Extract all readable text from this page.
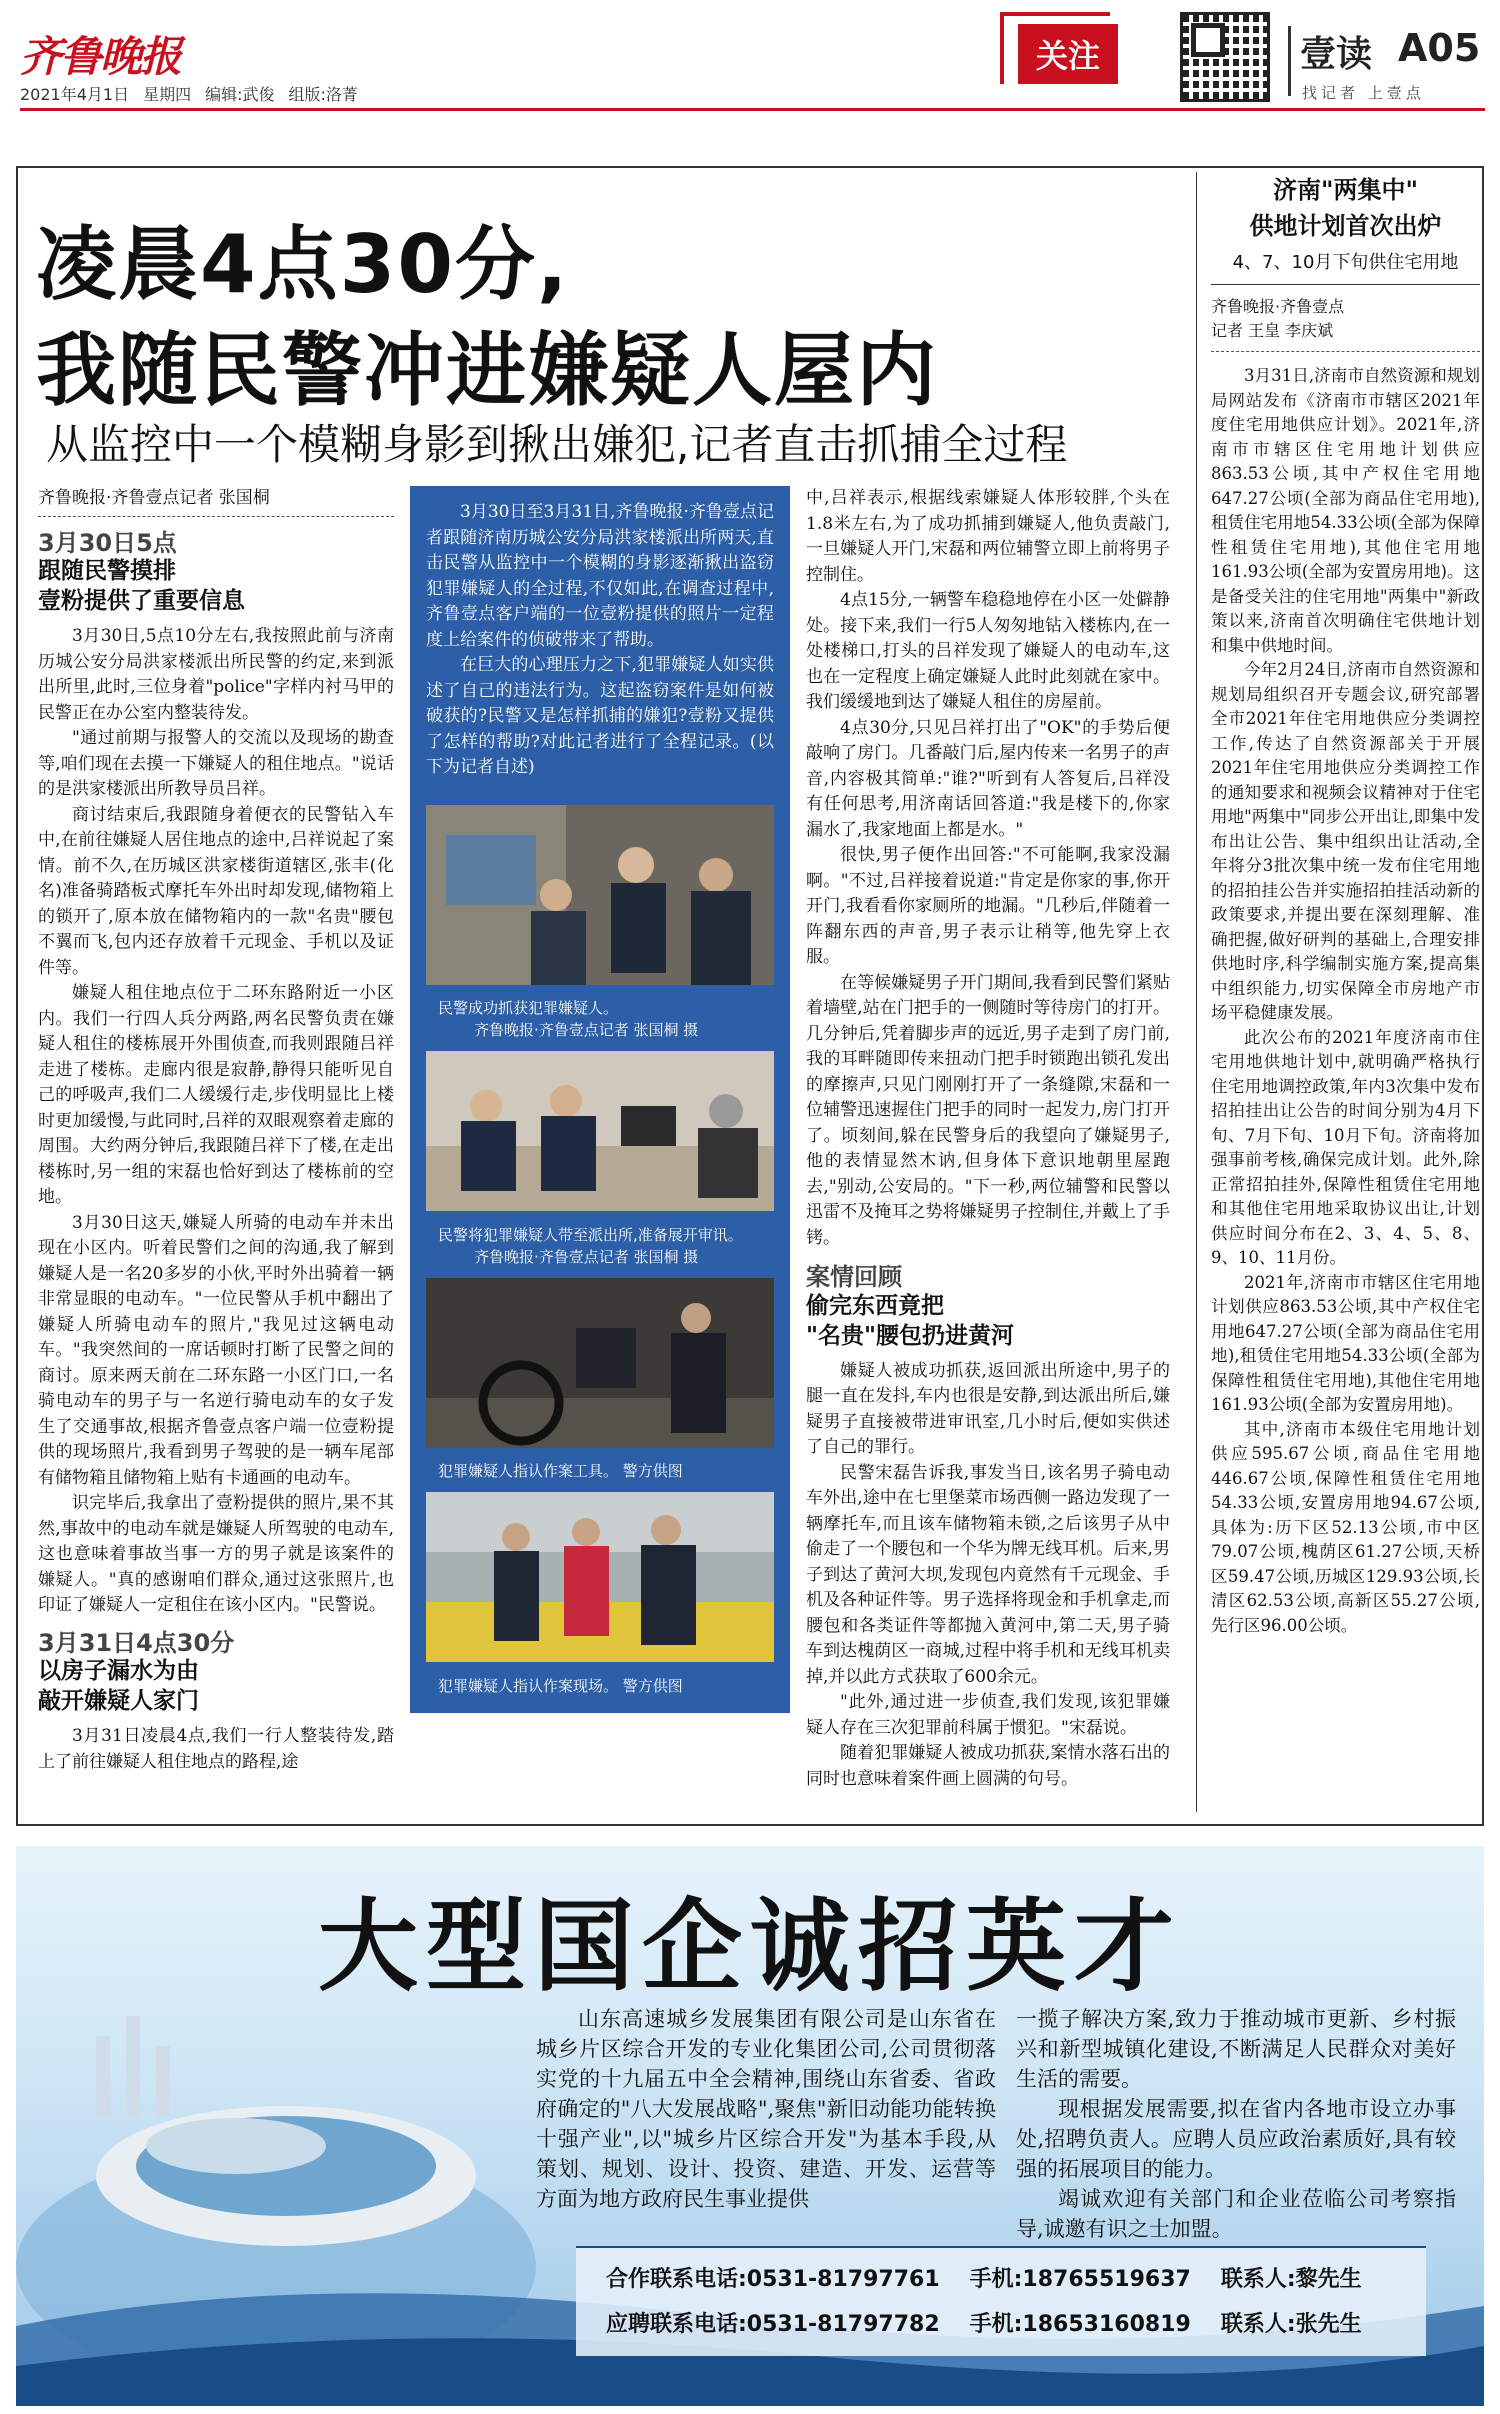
齐鲁晚报
2021年4月1日 星期四 编辑:武俊 组版:洛菁
关注	壹读 A05
找记者 上壹点
凌晨4点30分,
我随民警冲进嫌疑人屋内
从监控中一个模糊身影到揪出嫌犯,记者直击抓捕全过程
齐鲁晚报·齐鲁壹点记者 张国桐
3月30日5点
跟随民警摸排
壹粉提供了重要信息

3月30日,5点10分左右,我按照此前与济南历城公安分局洪家楼派出所民警的约定,来到派出所里,此时,三位身着"police"字样内衬马甲的民警正在办公室内整装待发。

"通过前期与报警人的交流以及现场的勘查等,咱们现在去摸一下嫌疑人的租住地点。"说话的是洪家楼派出所教导员吕祥。

商讨结束后,我跟随身着便衣的民警钻入车中,在前往嫌疑人居住地点的途中,吕祥说起了案情。前不久,在历城区洪家楼街道辖区,张丰(化名)准备骑踏板式摩托车外出时却发现,储物箱上的锁开了,原本放在储物箱内的一款"名贵"腰包不翼而飞,包内还存放着千元现金、手机以及证件等。

嫌疑人租住地点位于二环东路附近一小区内。我们一行四人兵分两路,两名民警负责在嫌疑人租住的楼栋展开外围侦查,而我则跟随吕祥走进了楼栋。走廊内很是寂静,静得只能听见自己的呼吸声,我们二人缓缓行走,步伐明显比上楼时更加缓慢,与此同时,吕祥的双眼观察着走廊的周围。大约两分钟后,我跟随吕祥下了楼,在走出楼栋时,另一组的宋磊也恰好到达了楼栋前的空地。

3月30日这天,嫌疑人所骑的电动车并未出现在小区内。听着民警们之间的沟通,我了解到嫌疑人是一名20多岁的小伙,平时外出骑着一辆非常显眼的电动车。"一位民警从手机中翻出了嫌疑人所骑电动车的照片,"我见过这辆电动车。"我突然间的一席话顿时打断了民警之间的商讨。原来两天前在二环东路一小区门口,一名骑电动车的男子与一名逆行骑电动车的女子发生了交通事故,根据齐鲁壹点客户端一位壹粉提供的现场照片,我看到男子驾驶的是一辆车尾部有储物箱且储物箱上贴有卡通画的电动车。

识完毕后,我拿出了壹粉提供的照片,果不其然,事故中的电动车就是嫌疑人所驾驶的电动车,这也意味着事故当事一方的男子就是该案件的嫌疑人。"真的感谢咱们群众,通过这张照片,也印证了嫌疑人一定租住在该小区内。"民警说。

3月31日4点30分
以房子漏水为由
敲开嫌疑人家门

3月31日凌晨4点,我们一行人整装待发,踏上了前往嫌疑人租住地点的路程,途

3月30日至3月31日,齐鲁晚报·齐鲁壹点记者跟随济南历城公安分局洪家楼派出所两天,直击民警从监控中一个模糊的身影逐渐揪出盗窃犯罪嫌疑人的全过程,不仅如此,在调查过程中,齐鲁壹点客户端的一位壹粉提供的照片一定程度上给案件的侦破带来了帮助。

在巨大的心理压力之下,犯罪嫌疑人如实供述了自己的违法行为。这起盗窃案件是如何被破获的?民警又是怎样抓捕的嫌犯?壹粉又提供了怎样的帮助?对此记者进行了全程记录。(以下为记者自述)

民警成功抓获犯罪嫌疑人。
齐鲁晚报·齐鲁壹点记者 张国桐 摄
民警将犯罪嫌疑人带至派出所,准备展开审讯。
齐鲁晚报·齐鲁壹点记者 张国桐 摄
犯罪嫌疑人指认作案工具。 警方供图
犯罪嫌疑人指认作案现场。 警方供图

中,吕祥表示,根据线索嫌疑人体形较胖,个头在1.8米左右,为了成功抓捕到嫌疑人,他负责敲门,一旦嫌疑人开门,宋磊和两位辅警立即上前将男子控制住。

4点15分,一辆警车稳稳地停在小区一处僻静处。接下来,我们一行5人匆匆地钻入楼栋内,在一处楼梯口,打头的吕祥发现了嫌疑人的电动车,这也在一定程度上确定嫌疑人此时此刻就在家中。我们缓缓地到达了嫌疑人租住的房屋前。

4点30分,只见吕祥打出了"OK"的手势后便敲响了房门。几番敲门后,屋内传来一名男子的声音,内容极其简单:"谁?"听到有人答复后,吕祥没有任何思考,用济南话回答道:"我是楼下的,你家漏水了,我家地面上都是水。"

很快,男子便作出回答:"不可能啊,我家没漏啊。"不过,吕祥接着说道:"肯定是你家的事,你开开门,我看看你家厕所的地漏。"几秒后,伴随着一阵翻东西的声音,男子表示让稍等,他先穿上衣服。

在等候嫌疑男子开门期间,我看到民警们紧贴着墙壁,站在门把手的一侧随时等待房门的打开。几分钟后,凭着脚步声的远近,男子走到了房门前,我的耳畔随即传来扭动门把手时锁跑出锁孔发出的摩擦声,只见门刚刚打开了一条缝隙,宋磊和一位辅警迅速握住门把手的同时一起发力,房门打开了。顷刻间,躲在民警身后的我望向了嫌疑男子,他的表情显然木讷,但身体下意识地朝里屋跑去,"别动,公安局的。"下一秒,两位辅警和民警以迅雷不及掩耳之势将嫌疑男子控制住,并戴上了手铐。

案情回顾
偷完东西竟把
"名贵"腰包扔进黄河

嫌疑人被成功抓获,返回派出所途中,男子的腿一直在发抖,车内也很是安静,到达派出所后,嫌疑男子直接被带进审讯室,几小时后,便如实供述了自己的罪行。

民警宋磊告诉我,事发当日,该名男子骑电动车外出,途中在七里堡菜市场西侧一路边发现了一辆摩托车,而且该车储物箱未锁,之后该男子从中偷走了一个腰包和一个华为牌无线耳机。后来,男子到达了黄河大坝,发现包内竟然有千元现金、手机及各种证件等。男子选择将现金和手机拿走,而腰包和各类证件等都抛入黄河中,第二天,男子骑车到达槐荫区一商城,过程中将手机和无线耳机卖掉,并以此方式获取了600余元。

"此外,通过进一步侦查,我们发现,该犯罪嫌疑人存在三次犯罪前科属于惯犯。"宋磊说。

随着犯罪嫌疑人被成功抓获,案情水落石出的同时也意味着案件画上圆满的句号。

济南"两集中"
供地计划首次出炉
4、7、10月下旬供住宅用地
齐鲁晚报·齐鲁壹点
记者 王皇 李庆斌

3月31日,济南市自然资源和规划局网站发布《济南市市辖区2021年度住宅用地供应计划》。2021年,济南市市辖区住宅用地计划供应863.53公顷,其中产权住宅用地647.27公顷(全部为商品住宅用地),租赁住宅用地54.33公顷(全部为保障性租赁住宅用地),其他住宅用地161.93公顷(全部为安置房用地)。这是备受关注的住宅用地"两集中"新政策以来,济南首次明确住宅供地计划和集中供地时间。

今年2月24日,济南市自然资源和规划局组织召开专题会议,研究部署全市2021年住宅用地供应分类调控工作,传达了自然资源部关于开展2021年住宅用地供应分类调控工作的通知要求和视频会议精神对于住宅用地"两集中"同步公开出让,即集中发布出让公告、集中组织出让活动,全年将分3批次集中统一发布住宅用地的招拍挂公告并实施招拍挂活动新的政策要求,并提出要在深刻理解、准确把握,做好研判的基础上,合理安排供地时序,科学编制实施方案,提高集中组织能力,切实保障全市房地产市场平稳健康发展。

此次公布的2021年度济南市住宅用地供地计划中,就明确严格执行住宅用地调控政策,年内3次集中发布招拍挂出让公告的时间分别为4月下旬、7月下旬、10月下旬。济南将加强事前考核,确保完成计划。此外,除正常招拍挂外,保障性租赁住宅用地和其他住宅用地采取协议出让,计划供应时间分布在2、3、4、5、8、9、10、11月份。

2021年,济南市市辖区住宅用地计划供应863.53公顷,其中产权住宅用地647.27公顷(全部为商品住宅用地),租赁住宅用地54.33公顷(全部为保障性租赁住宅用地),其他住宅用地161.93公顷(全部为安置房用地)。

其中,济南市本级住宅用地计划供应595.67公顷,商品住宅用地446.67公顷,保障性租赁住宅用地54.33公顷,安置房用地94.67公顷,具体为:历下区52.13公顷,市中区79.07公顷,槐荫区61.27公顷,天桥区59.47公顷,历城区129.93公顷,长清区62.53公顷,高新区55.27公顷,先行区96.00公顷。

大型国企诚招英才

山东高速城乡发展集团有限公司是山东省在城乡片区综合开发的专业化集团公司,公司贯彻落实党的十九届五中全会精神,围绕山东省委、省政府确定的"八大发展战略",聚焦"新旧动能功能转换十强产业",以"城乡片区综合开发"为基本手段,从策划、规划、设计、投资、建造、开发、运营等方面为地方政府民生事业提供

一揽子解决方案,致力于推动城市更新、乡村振兴和新型城镇化建设,不断满足人民群众对美好生活的需要。

现根据发展需要,拟在省内各地市设立办事处,招聘负责人。应聘人员应政治素质好,具有较强的拓展项目的能力。

竭诚欢迎有关部门和企业莅临公司考察指导,诚邀有识之士加盟。

合作联系电话:0531-81797761 手机:18765519637 联系人:黎先生
应聘联系电话:0531-81797782 手机:18653160819 联系人:张先生
